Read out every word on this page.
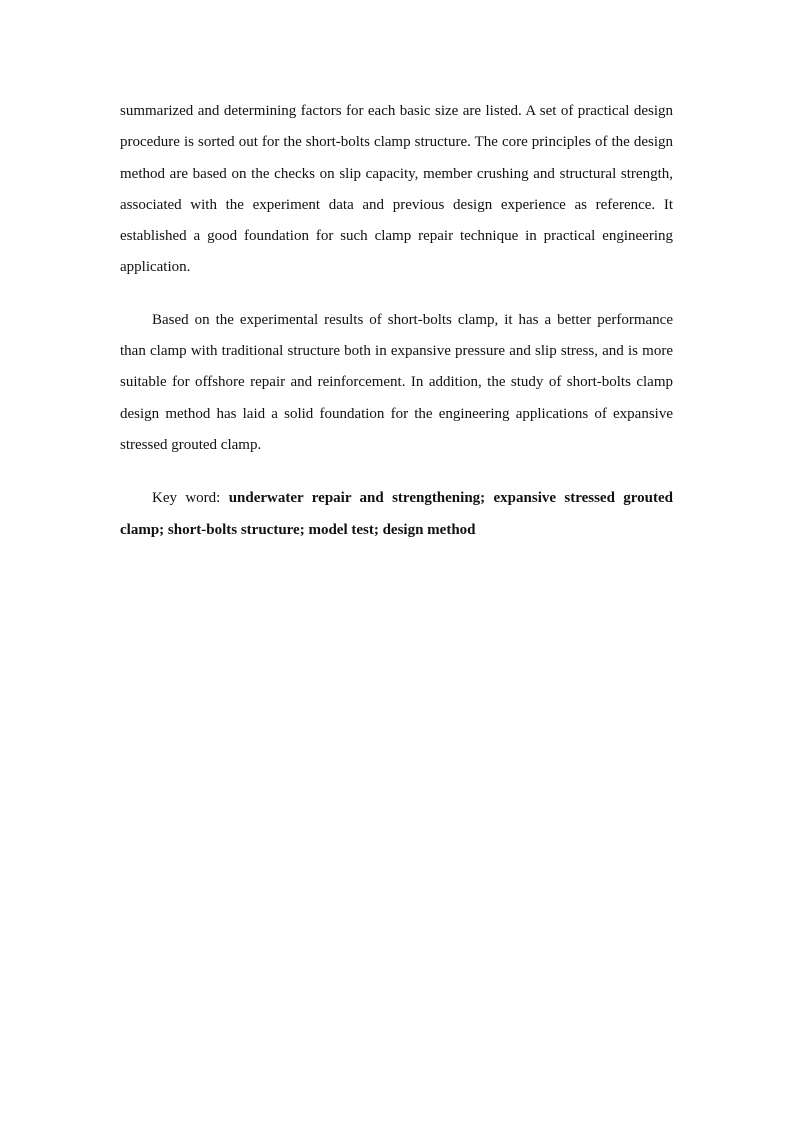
summarized and determining factors for each basic size are listed. A set of practical design procedure is sorted out for the short-bolts clamp structure. The core principles of the design method are based on the checks on slip capacity, member crushing and structural strength, associated with the experiment data and previous design experience as reference. It established a good foundation for such clamp repair technique in practical engineering application.

Based on the experimental results of short-bolts clamp, it has a better performance than clamp with traditional structure both in expansive pressure and slip stress, and is more suitable for offshore repair and reinforcement. In addition, the study of short-bolts clamp design method has laid a solid foundation for the engineering applications of expansive stressed grouted clamp.

Key word: underwater repair and strengthening; expansive stressed grouted clamp; short-bolts structure; model test; design method
